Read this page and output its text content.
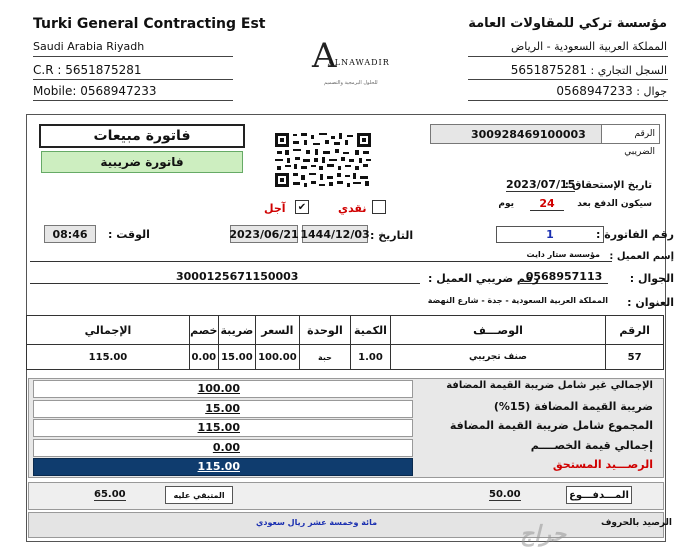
Turki General Contracting Est
Saudi Arabia Riyadh
C.R : 5651875281
Mobile: 0568947233
A
ALNAWADIR
للحلول البرمجية والتصميم
مؤسسة تركي للمقاولات العامة
المملكة العربية السعودية - الرياض
السجل التجاري : 5651875281
جوال : 0568947233
فاتورة مبيعات
فاتورة ضريبية
الرقم الضريبي
300928469100003
تاريخ الإستحقاق :
2023/07/15
سيكون الدفع بعد
24
يوم
نقدي
آجل ✔
08:46	الوقت :	2023/06/21 1444/12/03 التاريخ :	1	رقم الفاتورة :
إسم العميل :
مؤسسة ستار دايت
الجوال :
0568957113
رقم ضريبي العميل :
3000125671150003
العنوان :
المملكة العربية السعودية - جدة - شارع النهضة
الإجمالي	خصم	ضريبة	السعر	الوحدة	الكمية	الوصـــف	الرقم
115.00	0.00	15.00	100.00	حبة	1.00	صنف تجريبي	57
100.00	الإجمالي غير شامل ضريبة القيمة المضافة
15.00	ضريبة القيمة المضافة (15%)
115.00	المجموع شامل ضريبة القيمة المضافة
0.00	إجمالي قيمة الخصــــم
115.00	الرصـــيد المستحق
65.00	المتبقي عليه	50.00	المـــدفـــوع
الرصيد بالحروف
مائة وخمسة عشر ريال سعودي	حراج
